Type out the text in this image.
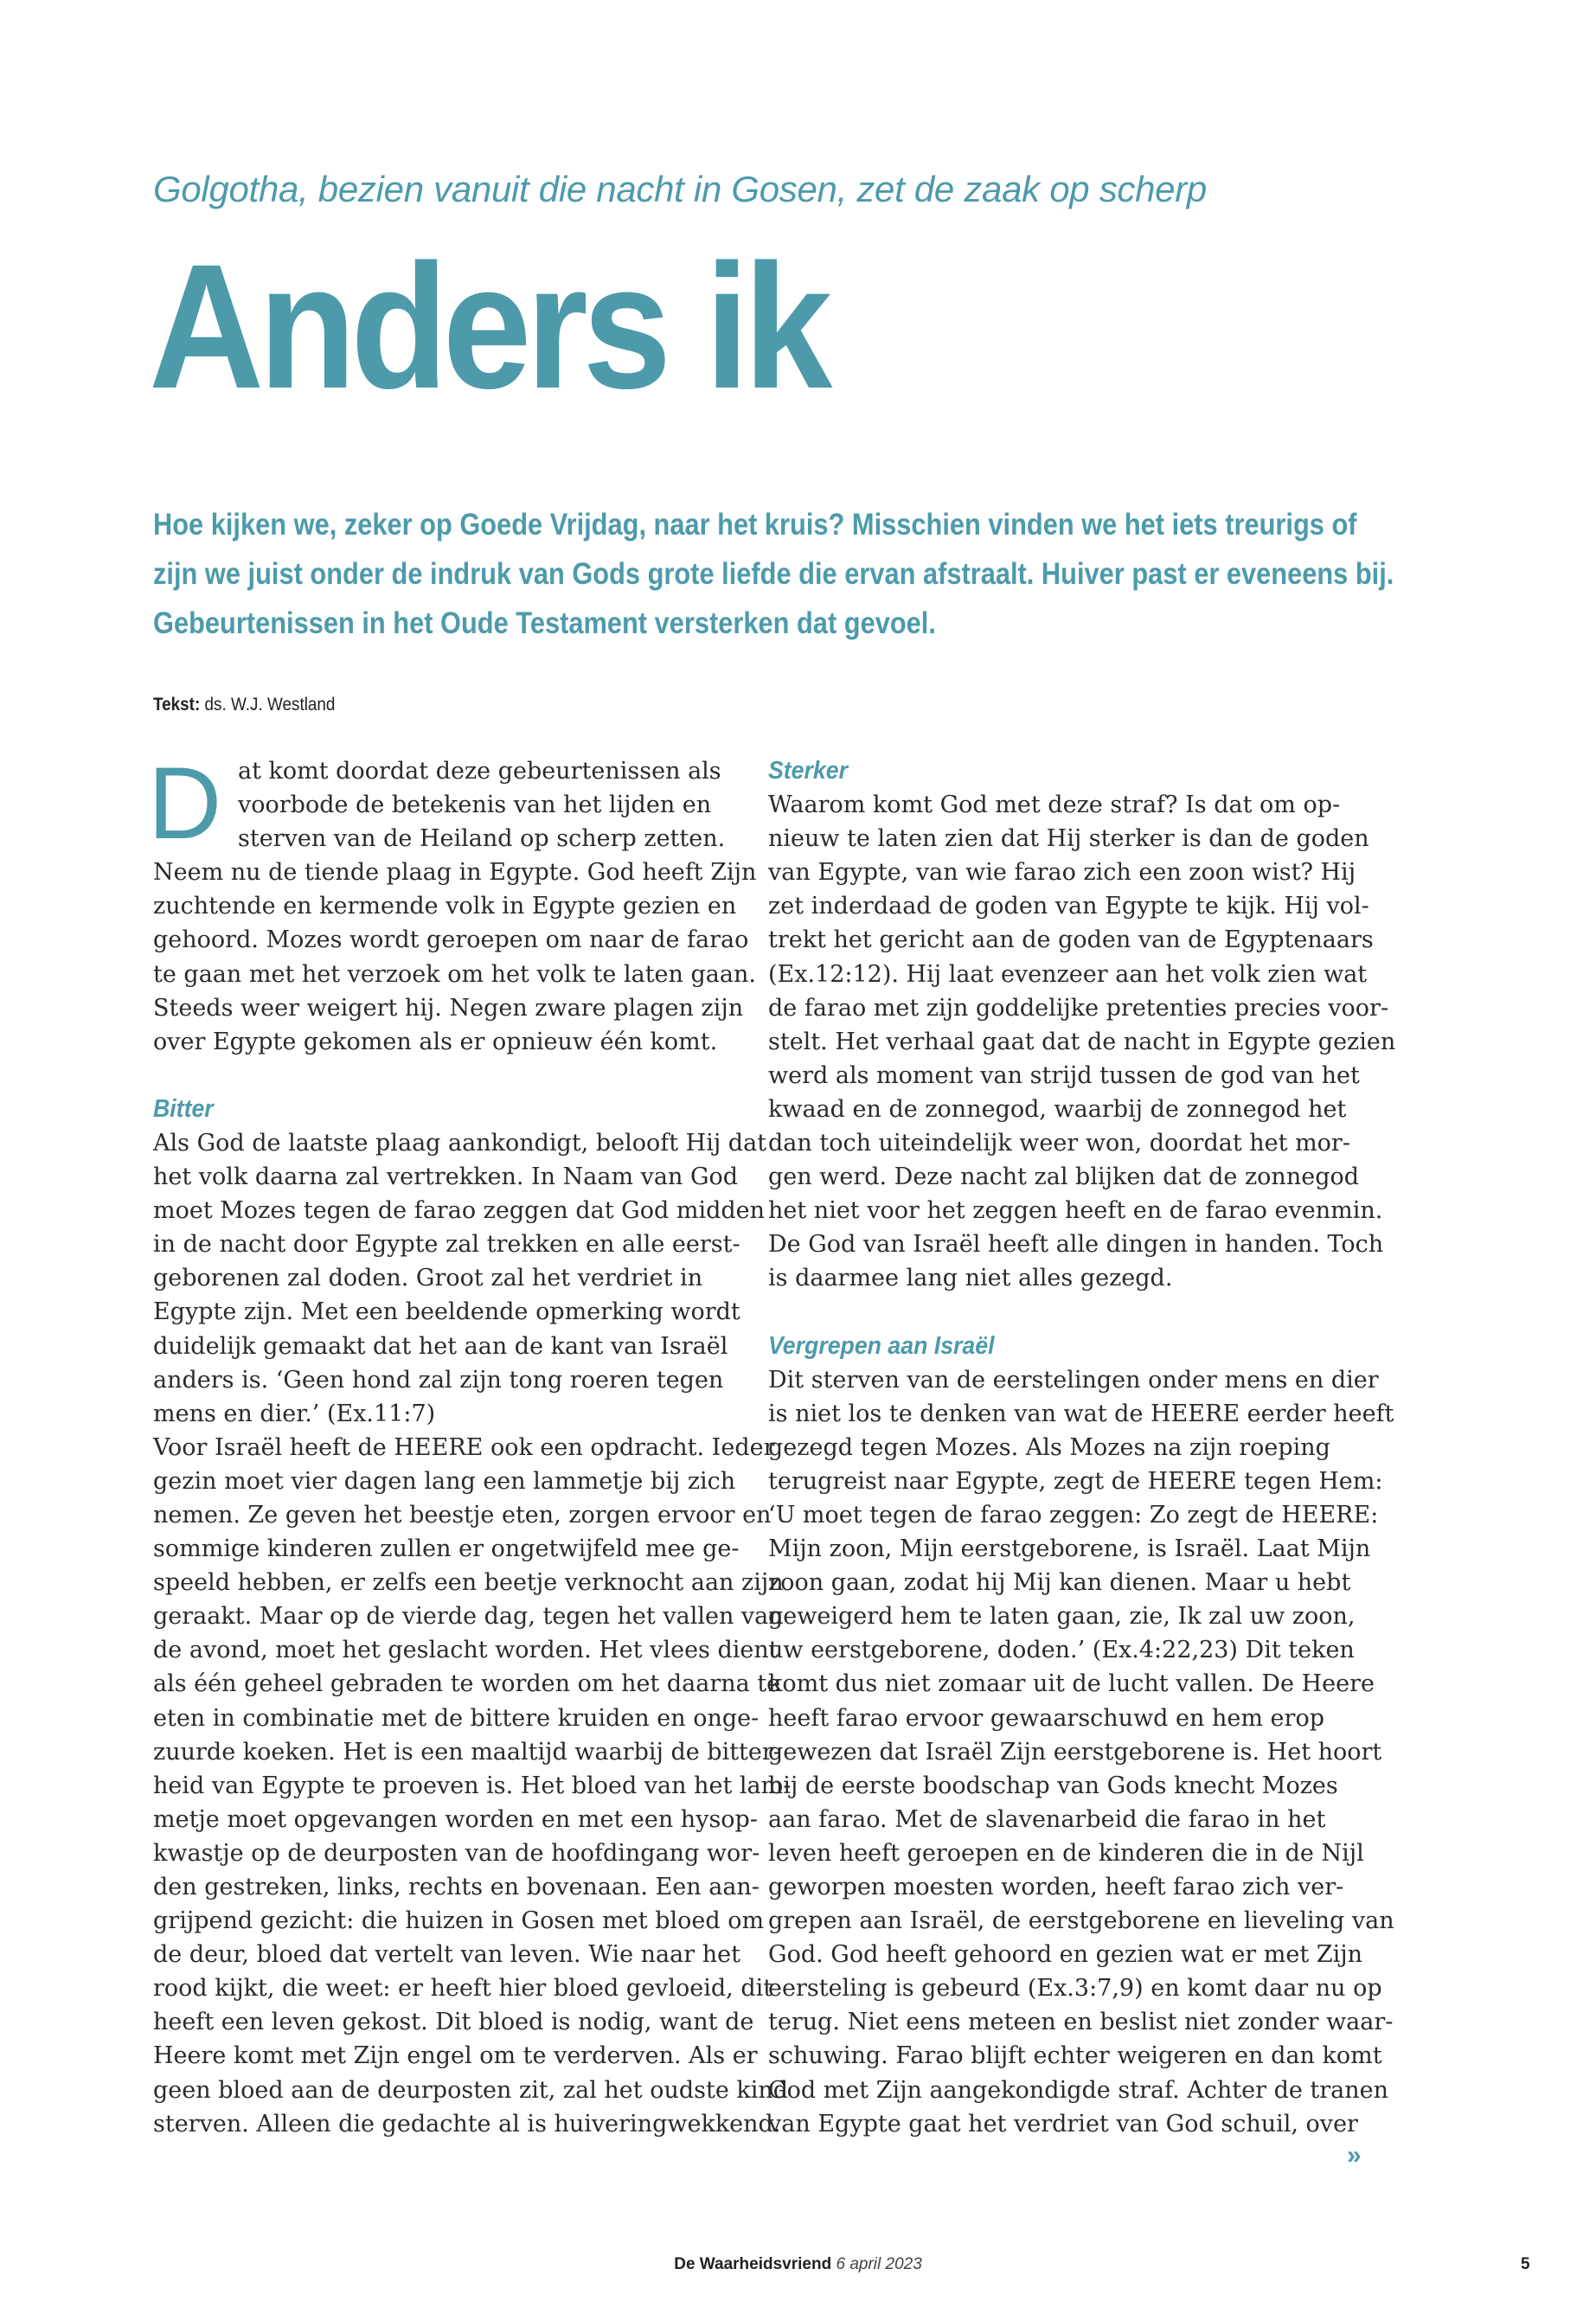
Golgotha, bezien vanuit die nacht in Gosen, zet de zaak op scherp
Anders ik
Hoe kijken we, zeker op Goede Vrijdag, naar het kruis? Misschien vinden we het iets treurigs of
zijn we juist onder de indruk van Gods grote liefde die ervan afstraalt. Huiver past er eveneens bij.
Gebeurtenissen in het Oude Testament versterken dat gevoel.
Tekst: ds. W.J. Westland
D at komt doordat deze gebeurtenissen als
voorbode de betekenis van het lijden en
sterven van de Heiland op scherp zetten.
Neem nu de tiende plaag in Egypte. God heeft Zijn
zuchtende en kermende volk in Egypte gezien en
gehoord. Mozes wordt geroepen om naar de farao
te gaan met het verzoek om het volk te laten gaan.
Steeds weer weigert hij. Negen zware plagen zijn
over Egypte gekomen als er opnieuw één komt.
Bitter
Als God de laatste plaag aankondigt, belooft Hij dat
het volk daarna zal vertrekken. In Naam van God
moet Mozes tegen de farao zeggen dat God midden
in de nacht door Egypte zal trekken en alle eerst-
geborenen zal doden. Groot zal het verdriet in
Egypte zijn. Met een beeldende opmerking wordt
duidelijk gemaakt dat het aan de kant van Israël
anders is. ‘Geen hond zal zijn tong roeren tegen
mens en dier.’ (Ex.11:7)
Voor Israël heeft de HEERE ook een opdracht. Ieder
gezin moet vier dagen lang een lammetje bij zich
nemen. Ze geven het beestje eten, zorgen ervoor en
sommige kinderen zullen er ongetwijfeld mee ge-
speeld hebben, er zelfs een beetje verknocht aan zijn
geraakt. Maar op de vierde dag, tegen het vallen van
de avond, moet het geslacht worden. Het vlees dient
als één geheel gebraden te worden om het daarna te
eten in combinatie met de bittere kruiden en onge-
zuurde koeken. Het is een maaltijd waarbij de bitter-
heid van Egypte te proeven is. Het bloed van het lam-
metje moet opgevangen worden en met een hysop-
kwastje op de deurposten van de hoofdingang wor-
den gestreken, links, rechts en bovenaan. Een aan-
grijpend gezicht: die huizen in Gosen met bloed om
de deur, bloed dat vertelt van leven. Wie naar het
rood kijkt, die weet: er heeft hier bloed gevloeid, dit
heeft een leven gekost. Dit bloed is nodig, want de
Heere komt met Zijn engel om te verderven. Als er
geen bloed aan de deurposten zit, zal het oudste kind
sterven. Alleen die gedachte al is huiveringwekkend.
Sterker
Waarom komt God met deze straf? Is dat om op-
nieuw te laten zien dat Hij sterker is dan de goden
van Egypte, van wie farao zich een zoon wist? Hij
zet inderdaad de goden van Egypte te kijk. Hij vol-
trekt het gericht aan de goden van de Egyptenaars
(Ex.12:12). Hij laat evenzeer aan het volk zien wat
de farao met zijn goddelijke pretenties precies voor-
stelt. Het verhaal gaat dat de nacht in Egypte gezien
werd als moment van strijd tussen de god van het
kwaad en de zonnegod, waarbij de zonnegod het
dan toch uiteindelijk weer won, doordat het mor-
gen werd. Deze nacht zal blijken dat de zonnegod
het niet voor het zeggen heeft en de farao evenmin.
De God van Israël heeft alle dingen in handen. Toch
is daarmee lang niet alles gezegd.
Vergrepen aan Israël
Dit sterven van de eerstelingen onder mens en dier
is niet los te denken van wat de HEERE eerder heeft
gezegd tegen Mozes. Als Mozes na zijn roeping
terugreist naar Egypte, zegt de HEERE tegen Hem:
‘U moet tegen de farao zeggen: Zo zegt de HEERE:
Mijn zoon, Mijn eerstgeborene, is Israël. Laat Mijn
zoon gaan, zodat hij Mij kan dienen. Maar u hebt
geweigerd hem te laten gaan, zie, Ik zal uw zoon,
uw eerstgeborene, doden.’ (Ex.4:22,23) Dit teken
komt dus niet zomaar uit de lucht vallen. De Heere
heeft farao ervoor gewaarschuwd en hem erop
gewezen dat Israël Zijn eerstgeborene is. Het hoort
bij de eerste boodschap van Gods knecht Mozes
aan farao. Met de slavenarbeid die farao in het
leven heeft geroepen en de kinderen die in de Nijl
geworpen moesten worden, heeft farao zich ver-
grepen aan Israël, de eerstgeborene en lieveling van
God. God heeft gehoord en gezien wat er met Zijn
eersteling is gebeurd (Ex.3:7,9) en komt daar nu op
terug. Niet eens meteen en beslist niet zonder waar-
schuwing. Farao blijft echter weigeren en dan komt
God met Zijn aangekondigde straf. Achter de tranen
van Egypte gaat het verdriet van God schuil, over
»
De Waarheidsvriend 6 april 2023	5
